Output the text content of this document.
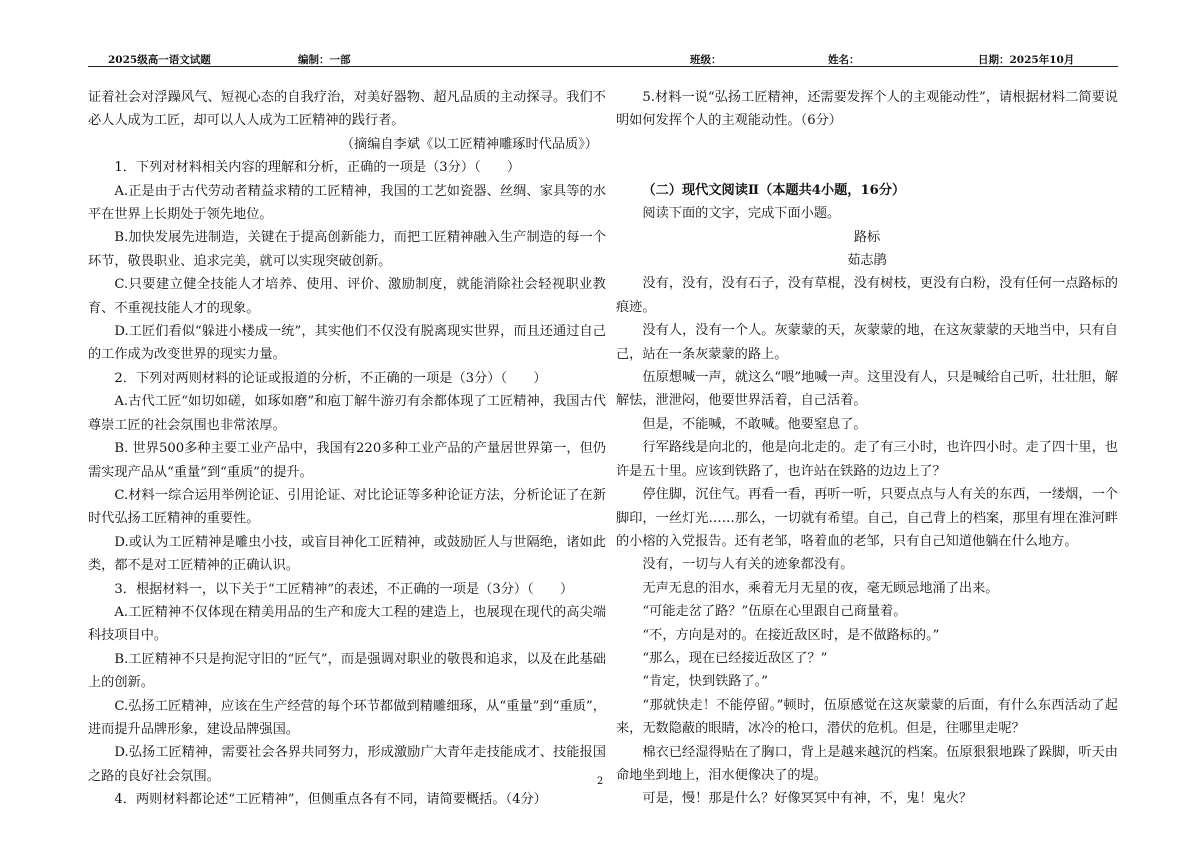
2025级高一语文试题	编制：一部	班级：	姓名：	日期：2025年10月

证着社会对浮躁风气、短视心态的自我疗治，对美好器物、超凡品质的主动探寻。我们不必人人成为工匠，却可以人人成为工匠精神的践行者。

（摘编自李斌《以工匠精神雕琢时代品质》）

1．下列对材料相关内容的理解和分析，正确的一项是（3分）（　　）

A.正是由于古代劳动者精益求精的工匠精神，我国的工艺如瓷器、丝绸、家具等的水平在世界上长期处于领先地位。

B.加快发展先进制造，关键在于提高创新能力，而把工匠精神融入生产制造的每一个环节，敬畏职业、追求完美，就可以实现突破创新。

C.只要建立健全技能人才培养、使用、评价、激励制度，就能消除社会轻视职业教育、不重视技能人才的现象。

D.工匠们看似“躲进小楼成一统”，其实他们不仅没有脱离现实世界，而且还通过自己的工作成为改变世界的现实力量。

2．下列对两则材料的论证或报道的分析，不正确的一项是（3分）（　　）

A.古代工匠“如切如磋，如琢如磨”和庖丁解牛游刃有余都体现了工匠精神，我国古代尊崇工匠的社会氛围也非常浓厚。

B. 世界500多种主要工业产品中，我国有220多种工业产品的产量居世界第一，但仍需实现产品从“重量”到“重质”的提升。

C.材料一综合运用举例论证、引用论证、对比论证等多种论证方法，分析论证了在新时代弘扬工匠精神的重要性。

D.或认为工匠精神是雕虫小技，或盲目神化工匠精神，或鼓励匠人与世隔绝，诸如此类，都不是对工匠精神的正确认识。

3．根据材料一，以下关于“工匠精神”的表述，不正确的一项是（3分）（　　）

A.工匠精神不仅体现在精美用品的生产和庞大工程的建造上，也展现在现代的高尖端科技项目中。

B.工匠精神不只是拘泥守旧的“匠气”，而是强调对职业的敬畏和追求，以及在此基础上的创新。

C.弘扬工匠精神，应该在生产经营的每个环节都做到精雕细琢，从“重量”到“重质”，进而提升品牌形象，建设品牌强国。

D.弘扬工匠精神，需要社会各界共同努力，形成激励广大青年走技能成才、技能报国之路的良好社会氛围。

4．两则材料都论述“工匠精神”，但侧重点各有不同，请简要概括。（4分）

5.材料一说“弘扬工匠精神，还需要发挥个人的主观能动性”，请根据材料二简要说明如何发挥个人的主观能动性。（6分）

（二）现代文阅读Ⅱ（本题共4小题，16分）

阅读下面的文字，完成下面小题。

路标

茹志鹃

没有，没有，没有石子，没有草棍，没有树枝，更没有白粉，没有任何一点路标的痕迹。

没有人，没有一个人。灰蒙蒙的天，灰蒙蒙的地，在这灰蒙蒙的天地当中，只有自己，站在一条灰蒙蒙的路上。

伍原想喊一声，就这么“喂”地喊一声。这里没有人，只是喊给自己听，壮壮胆，解解怯，泄泄闷，他要世界活着，自己活着。

但是，不能喊，不敢喊。他要窒息了。

行军路线是向北的，他是向北走的。走了有三小时，也许四小时。走了四十里，也许是五十里。应该到铁路了，也许站在铁路的边边上了？

停住脚，沉住气。再看一看，再听一听，只要点点与人有关的东西，一缕烟，一个脚印，一丝灯光……那么，一切就有希望。自己，自己背上的档案，那里有埋在淮河畔的小榕的入党报告。还有老邹，咯着血的老邹，只有自己知道他躺在什么地方。

没有，一切与人有关的迹象都没有。

无声无息的泪水，乘着无月无星的夜，毫无顾忌地涌了出来。

“可能走岔了路？”伍原在心里跟自己商量着。

“不，方向是对的。在接近敌区时，是不做路标的。”

“那么，现在已经接近敌区了？”

“肯定，快到铁路了。”

“那就快走！不能停留。”顿时，伍原感觉在这灰蒙蒙的后面，有什么东西活动了起来，无数隐蔽的眼睛，冰冷的枪口，潜伏的危机。但是，往哪里走呢？

棉衣已经湿得贴在了胸口，背上是越来越沉的档案。伍原狠狠地跺了跺脚，听天由命地坐到地上，泪水便像决了的堤。

可是，慢！那是什么？好像冥冥中有神，不，鬼！鬼火？

2
